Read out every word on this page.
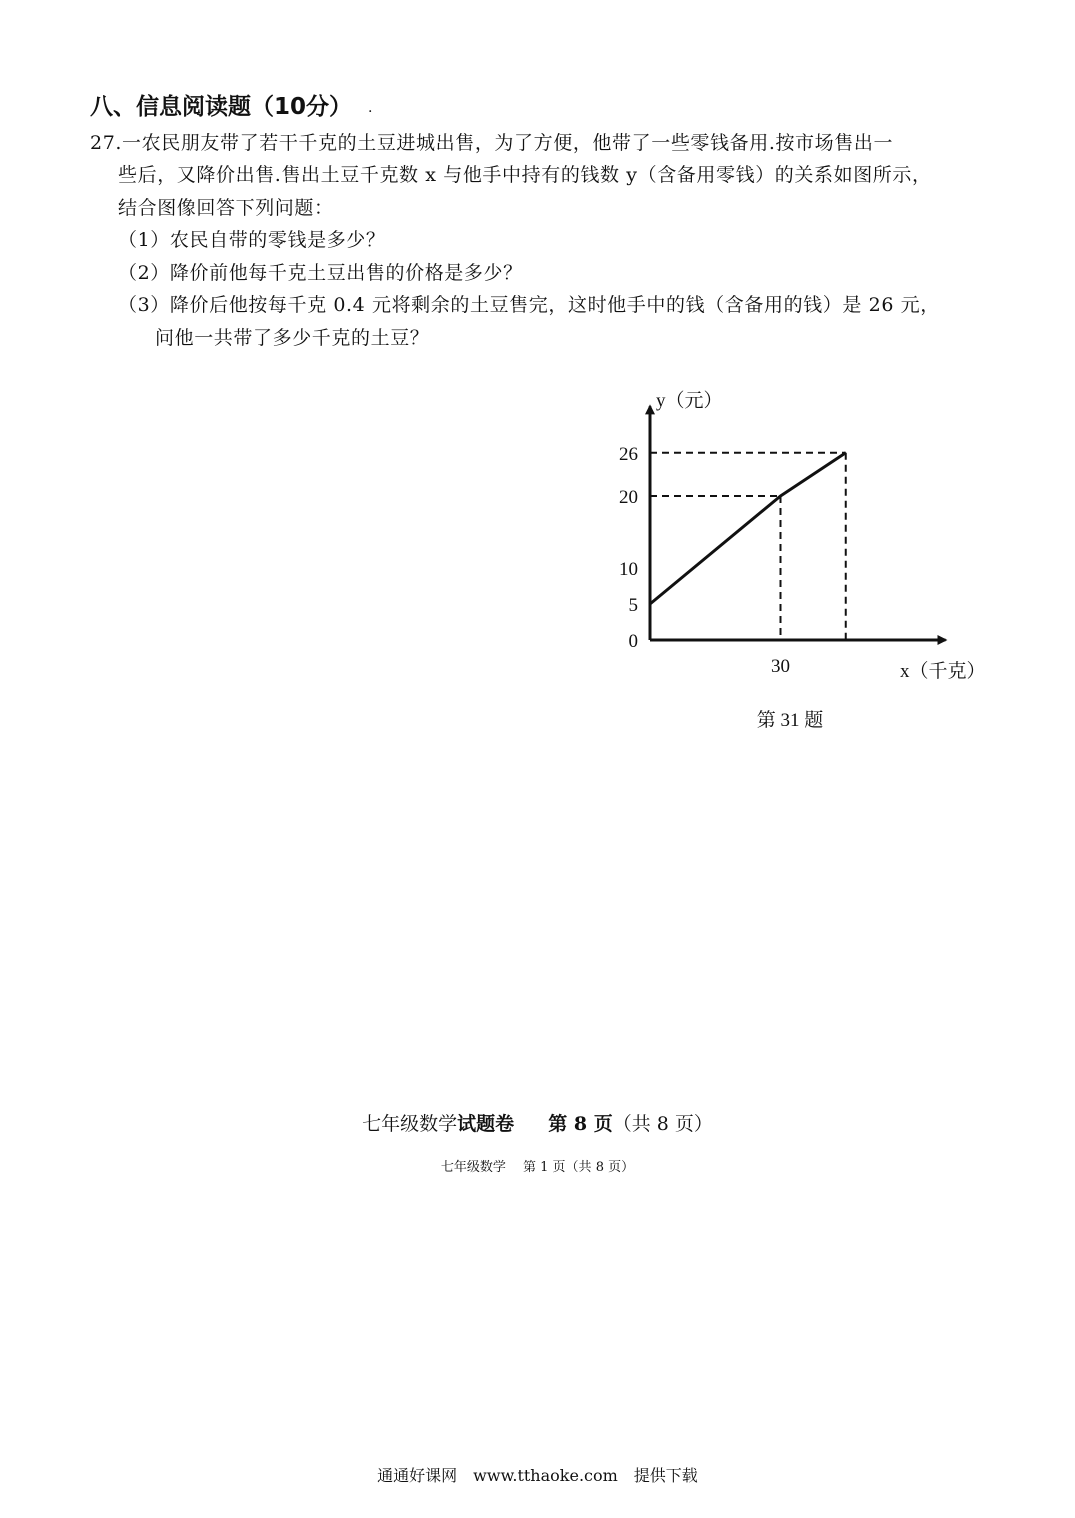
八、信息阅读题（10分） .
27.一农民朋友带了若干千克的土豆进城出售，为了方便，他带了一些零钱备用.按市场售出一
些后，又降价出售.售出土豆千克数 x 与他手中持有的钱数 y（含备用零钱）的关系如图所示，
结合图像回答下列问题：
（1）农民自带的零钱是多少？
（2）降价前他每千克土豆出售的价格是多少？
（3）降价后他按每千克 0.4 元将剩余的土豆售完，这时他手中的钱（含备用的钱）是 26 元，
问他一共带了多少千克的土豆？
0
5
10
20
26
30
y（元）
x（千克）
第 31 题
七年级数学试题卷 第 8 页（共 8 页）
七年级数学　 第 1 页（共 8 页）
通通好课网　www.tthaoke.com　提供下载
